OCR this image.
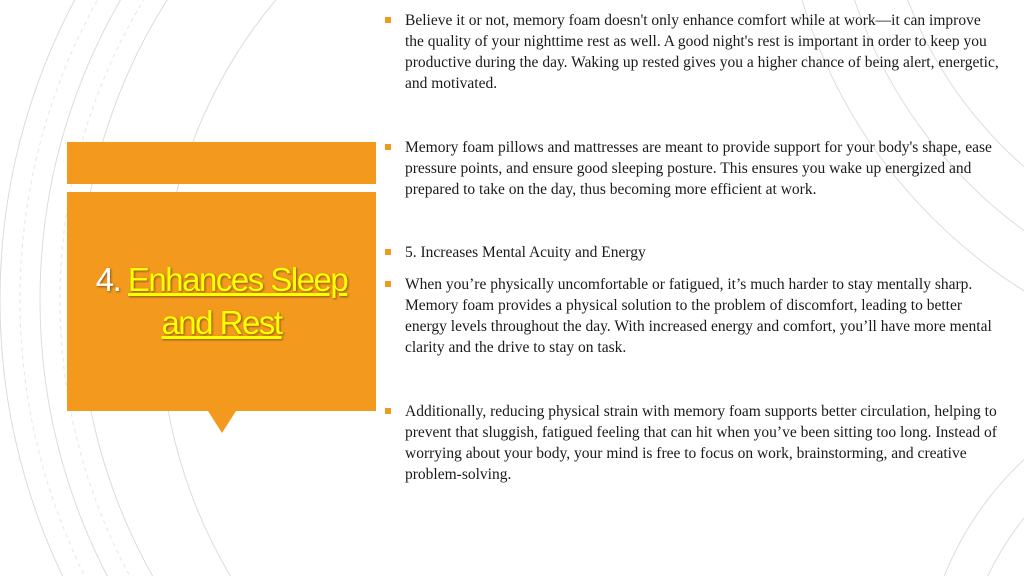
4. Enhances Sleep and Rest
Believe it or not, memory foam doesn't only enhance comfort while at work—it can improve the quality of your nighttime rest as well. A good night's rest is important in order to keep you productive during the day. Waking up rested gives you a higher chance of being alert, energetic, and motivated.
Memory foam pillows and mattresses are meant to provide support for your body's shape, ease pressure points, and ensure good sleeping posture. This ensures you wake up energized and prepared to take on the day, thus becoming more efficient at work.
5. Increases Mental Acuity and Energy
When you’re physically uncomfortable or fatigued, it’s much harder to stay mentally sharp. Memory foam provides a physical solution to the problem of discomfort, leading to better energy levels throughout the day. With increased energy and comfort, you’ll have more mental clarity and the drive to stay on task.
Additionally, reducing physical strain with memory foam supports better circulation, helping to prevent that sluggish, fatigued feeling that can hit when you’ve been sitting too long. Instead of worrying about your body, your mind is free to focus on work, brainstorming, and creative problem-solving.
